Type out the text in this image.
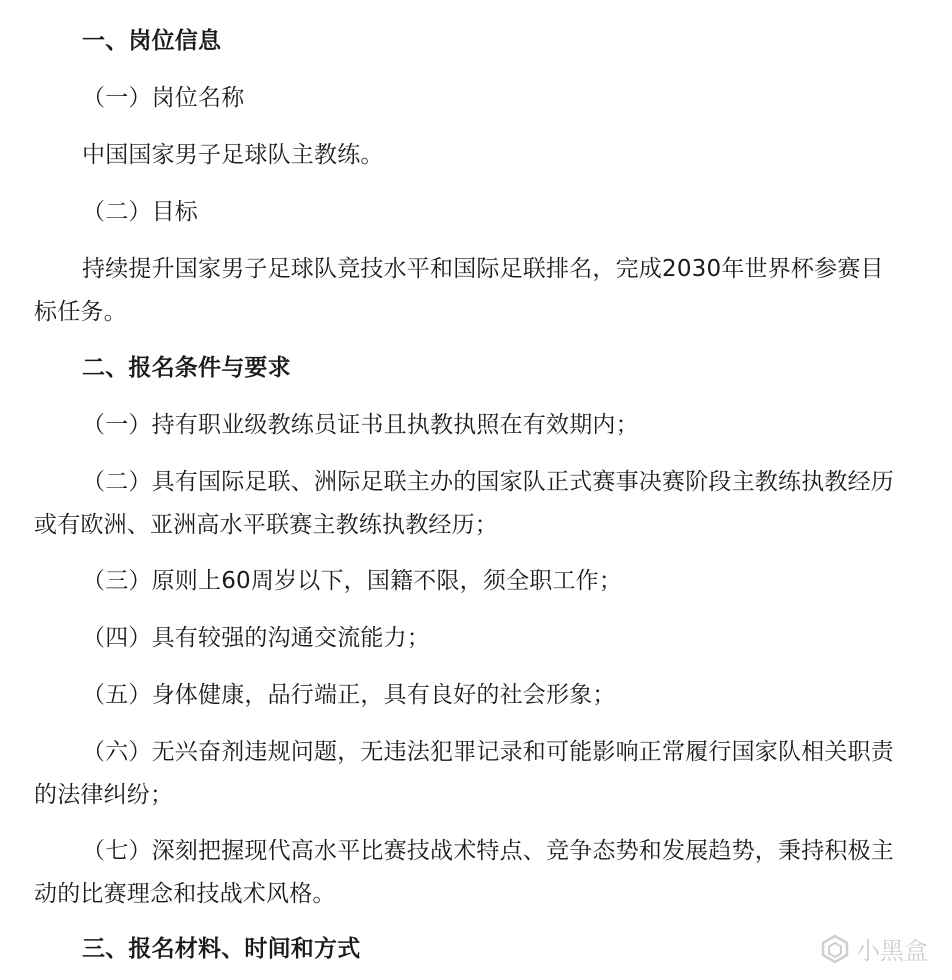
一、岗位信息
（一）岗位名称
中国国家男子足球队主教练。
（二）目标
持续提升国家男子足球队竞技水平和国际足联排名，完成2030年世界杯参赛目
标任务。
二、报名条件与要求
（一）持有职业级教练员证书且执教执照在有效期内；
（二）具有国际足联、洲际足联主办的国家队正式赛事决赛阶段主教练执教经历
或有欧洲、亚洲高水平联赛主教练执教经历；
（三）原则上60周岁以下，国籍不限，须全职工作；
（四）具有较强的沟通交流能力；
（五）身体健康，品行端正，具有良好的社会形象；
（六）无兴奋剂违规问题，无违法犯罪记录和可能影响正常履行国家队相关职责
的法律纠纷；
（七）深刻把握现代高水平比赛技战术特点、竞争态势和发展趋势，秉持积极主
动的比赛理念和技战术风格。
三、报名材料、时间和方式	小黑盒
